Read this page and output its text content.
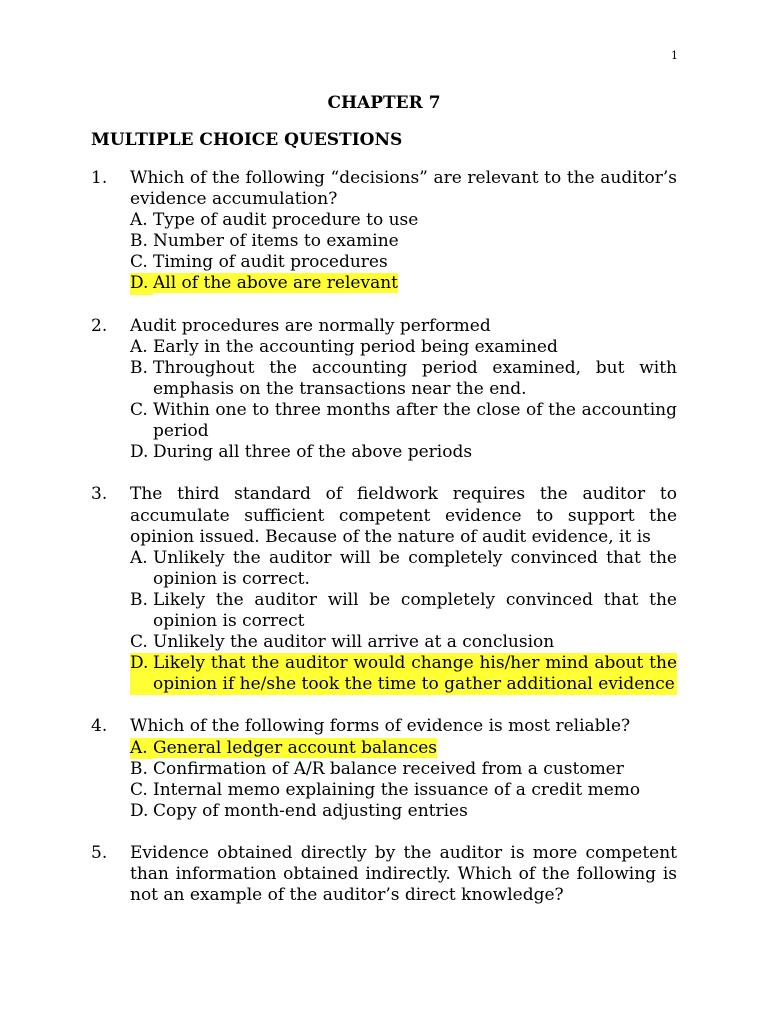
1
CHAPTER 7
MULTIPLE CHOICE QUESTIONS
1.	Which of the following “decisions” are relevant to the auditor’s evidence accumulation?
A. Type of audit procedure to use
B. Number of items to examine
C. Timing of audit procedures
D. All of the above are relevant
2.	Audit procedures are normally performed
A. Early in the accounting period being examined
B. Throughout the accounting period examined, but with emphasis on the transactions near the end.
C. Within one to three months after the close of the accounting period
D. During all three of the above periods
3.	The third standard of fieldwork requires the auditor to accumulate sufficient competent evidence to support the opinion issued. Because of the nature of audit evidence, it is
A. Unlikely the auditor will be completely convinced that the opinion is correct.
B. Likely the auditor will be completely convinced that the opinion is correct
C. Unlikely the auditor will arrive at a conclusion
D. Likely that the auditor would change his/her mind about the opinion if he/she took the time to gather additional evidence
4.	Which of the following forms of evidence is most reliable?
A. General ledger account balances
B. Confirmation of A/R balance received from a customer
C. Internal memo explaining the issuance of a credit memo
D. Copy of month-end adjusting entries
5.	Evidence obtained directly by the auditor is more competent than information obtained indirectly. Which of the following is not an example of the auditor’s direct knowledge?
